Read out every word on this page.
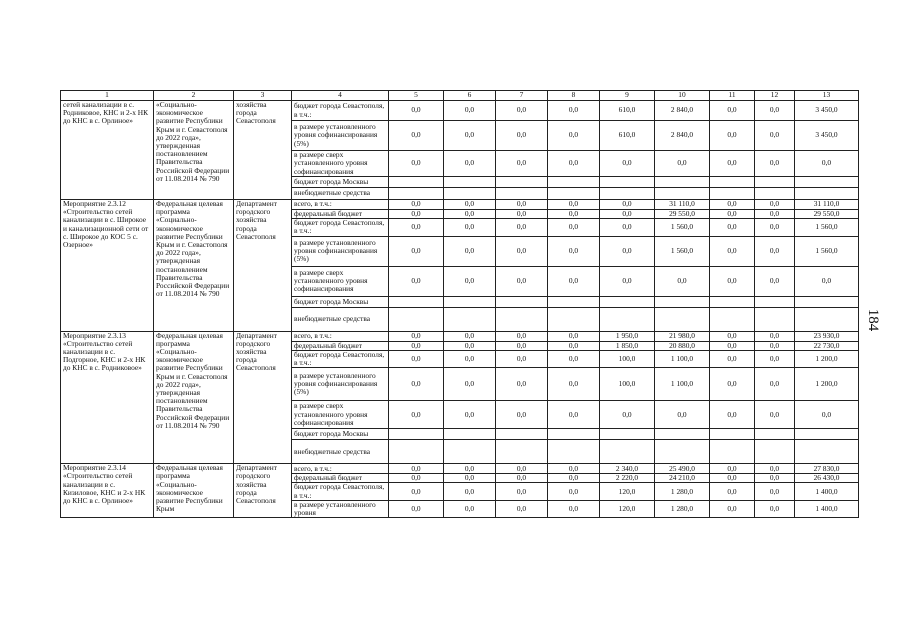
1	2	3	4	5	6	7	8	9	10	11	12	13
сетей канализации в с. Родниковое, КНС и 2-х НК до КНС в с. Орлиное»	«Социально-экономическое развитие Республики Крым и г. Севастополя до 2022 года», утвержденная постановлением Правительства Российской Федерации от 11.08.2014 № 790	хозяйства города Севастополя	бюджет города Севастополя, в т.ч.:	0,0	0,0	0,0	0,0	610,0	2 840,0	0,0	0,0	3 450,0
			в размере установленного уровня софинансирования (5%)	0,0	0,0	0,0	0,0	610,0	2 840,0	0,0	0,0	3 450,0
			в размере сверх установленного уровня софинансирования	0,0	0,0	0,0	0,0	0,0	0,0	0,0	0,0	0,0
			бюджет города Москвы									
			внебюджетные средства									
Мероприятие 2.3.12 «Строительство сетей канализации в с. Широкое и канализационной сети от с. Широкое до КОС 5 с. Озерное»	Федеральная целевая программа «Социально-экономическое развитие Республики Крым и г. Севастополя до 2022 года», утвержденная постановлением Правительства Российской Федерации от 11.08.2014 № 790	Департамент городского хозяйства города Севастополя	всего, в т.ч.:	0,0	0,0	0,0	0,0	0,0	31 110,0	0,0	0,0	31 110,0
			федеральный бюджет	0,0	0,0	0,0	0,0	0,0	29 550,0	0,0	0,0	29 550,0
			бюджет города Севастополя, в т.ч.:	0,0	0,0	0,0	0,0	0,0	1 560,0	0,0	0,0	1 560,0
			в размере установленного уровня софинансирования (5%)	0,0	0,0	0,0	0,0	0,0	1 560,0	0,0	0,0	1 560,0
			в размере сверх установленного уровня софинансирования	0,0	0,0	0,0	0,0	0,0	0,0	0,0	0,0	0,0
			бюджет города Москвы									
			внебюджетные средства									
Мероприятие 2.3.13 «Строительство сетей канализации в с. Подгорное, КНС и 2-х НК до КНС в с. Родниковое»	Федеральная целевая программа «Социально-экономическое развитие Республики Крым и г. Севастополя до 2022 года», утвержденная постановлением Правительства Российской Федерации от 11.08.2014 № 790	Департамент городского хозяйства города Севастополя	всего, в т.ч.:	0,0	0,0	0,0	0,0	1 950,0	21 980,0	0,0	0,0	23 930,0
			федеральный бюджет	0,0	0,0	0,0	0,0	1 850,0	20 880,0	0,0	0,0	22 730,0
			бюджет города Севастополя, в т.ч.:	0,0	0,0	0,0	0,0	100,0	1 100,0	0,0	0,0	1 200,0
			в размере установленного уровня софинансирования (5%)	0,0	0,0	0,0	0,0	100,0	1 100,0	0,0	0,0	1 200,0
			в размере сверх установленного уровня софинансирования	0,0	0,0	0,0	0,0	0,0	0,0	0,0	0,0	0,0
			бюджет города Москвы									
			внебюджетные средства									
Мероприятие 2.3.14 «Строительство сетей канализации в с. Кизиловое, КНС и 2-х НК до КНС в с. Орлиное»	Федеральная целевая программа «Социально-экономическое развитие Республики Крым	Департамент городского хозяйства города Севастополя	всего, в т.ч.:	0,0	0,0	0,0	0,0	2 340,0	25 490,0	0,0	0,0	27 830,0
			федеральный бюджет	0,0	0,0	0,0	0,0	2 220,0	24 210,0	0,0	0,0	26 430,0
			бюджет города Севастополя, в т.ч.:	0,0	0,0	0,0	0,0	120,0	1 280,0	0,0	0,0	1 400,0
			в размере установленного уровня	0,0	0,0	0,0	0,0	120,0	1 280,0	0,0	0,0	1 400,0
184
